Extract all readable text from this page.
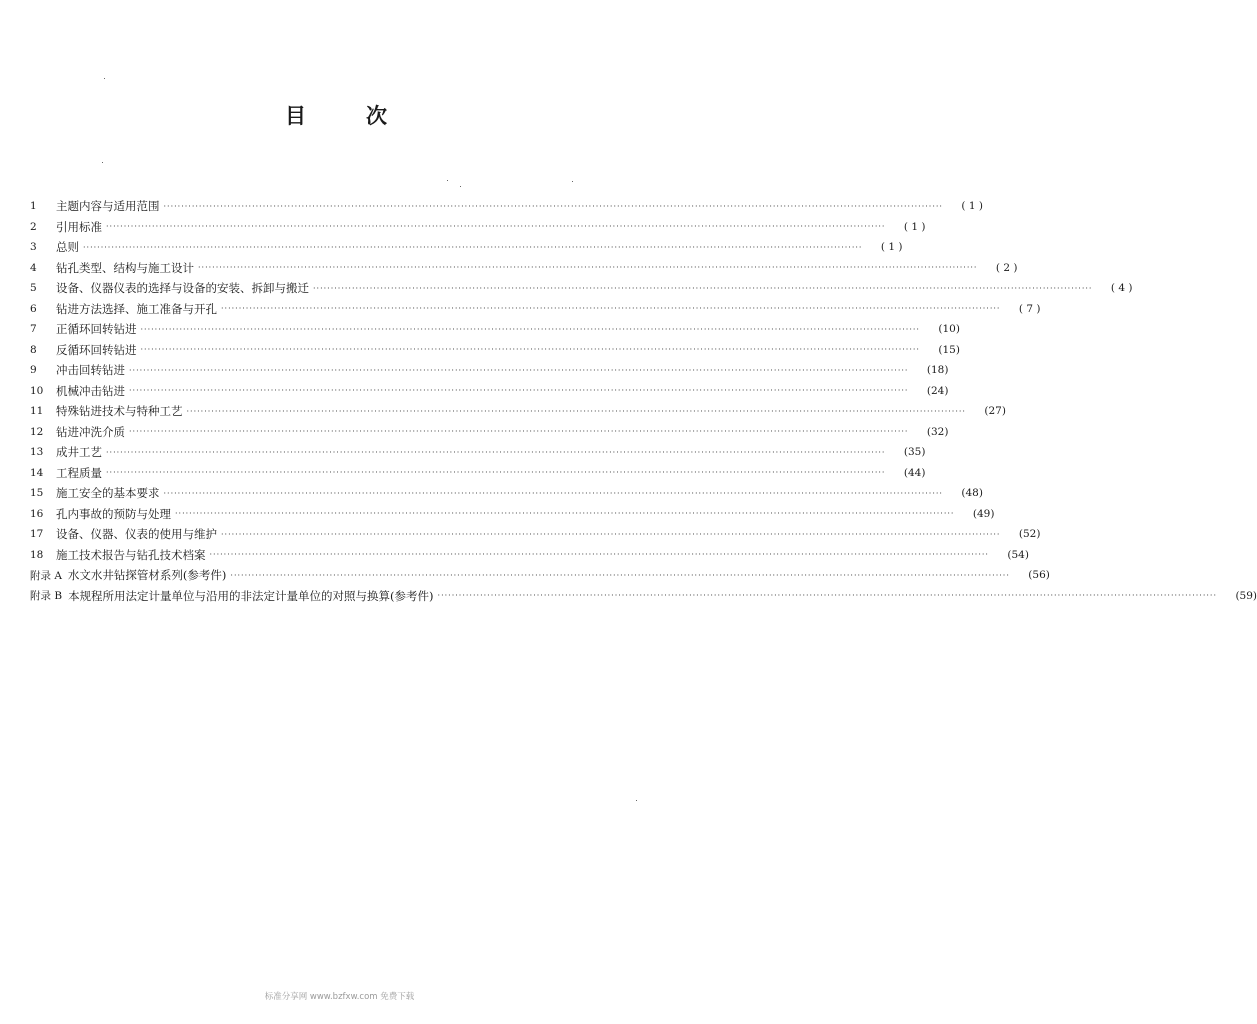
目	次
1	主题内容与适用范围 ····························································································································································································································	( 1 )
2	引用标准 ····························································································································································································································	( 1 )
3	总则 ····························································································································································································································	( 1 )
4	钻孔类型、结构与施工设计 ····························································································································································································································	( 2 )
5	设备、仪器仪表的选择与设备的安装、拆卸与搬迁 ····························································································································································································································	( 4 )
6	钻进方法选择、施工准备与开孔 ····························································································································································································································	( 7 )
7	正循环回转钻进 ····························································································································································································································	(10)
8	反循环回转钻进 ····························································································································································································································	(15)
9	冲击回转钻进 ····························································································································································································································	(18)
10	机械冲击钻进 ····························································································································································································································	(24)
11	特殊钻进技术与特种工艺 ····························································································································································································································	(27)
12	钻进冲洗介质 ····························································································································································································································	(32)
13	成井工艺 ····························································································································································································································	(35)
14	工程质量 ····························································································································································································································	(44)
15	施工安全的基本要求 ····························································································································································································································	(48)
16	孔内事故的预防与处理 ····························································································································································································································	(49)
17	设备、仪器、仪表的使用与维护 ····························································································································································································································	(52)
18	施工技术报告与钻孔技术档案 ····························································································································································································································	(54)
附录 A 水文水井钻探管材系列(参考件) ····························································································································································································································	(56)
附录 B 本规程所用法定计量单位与沿用的非法定计量单位的对照与换算(参考件) ····························································································································································································································	(59)
标准分享网 www.bzfxw.com 免费下载
